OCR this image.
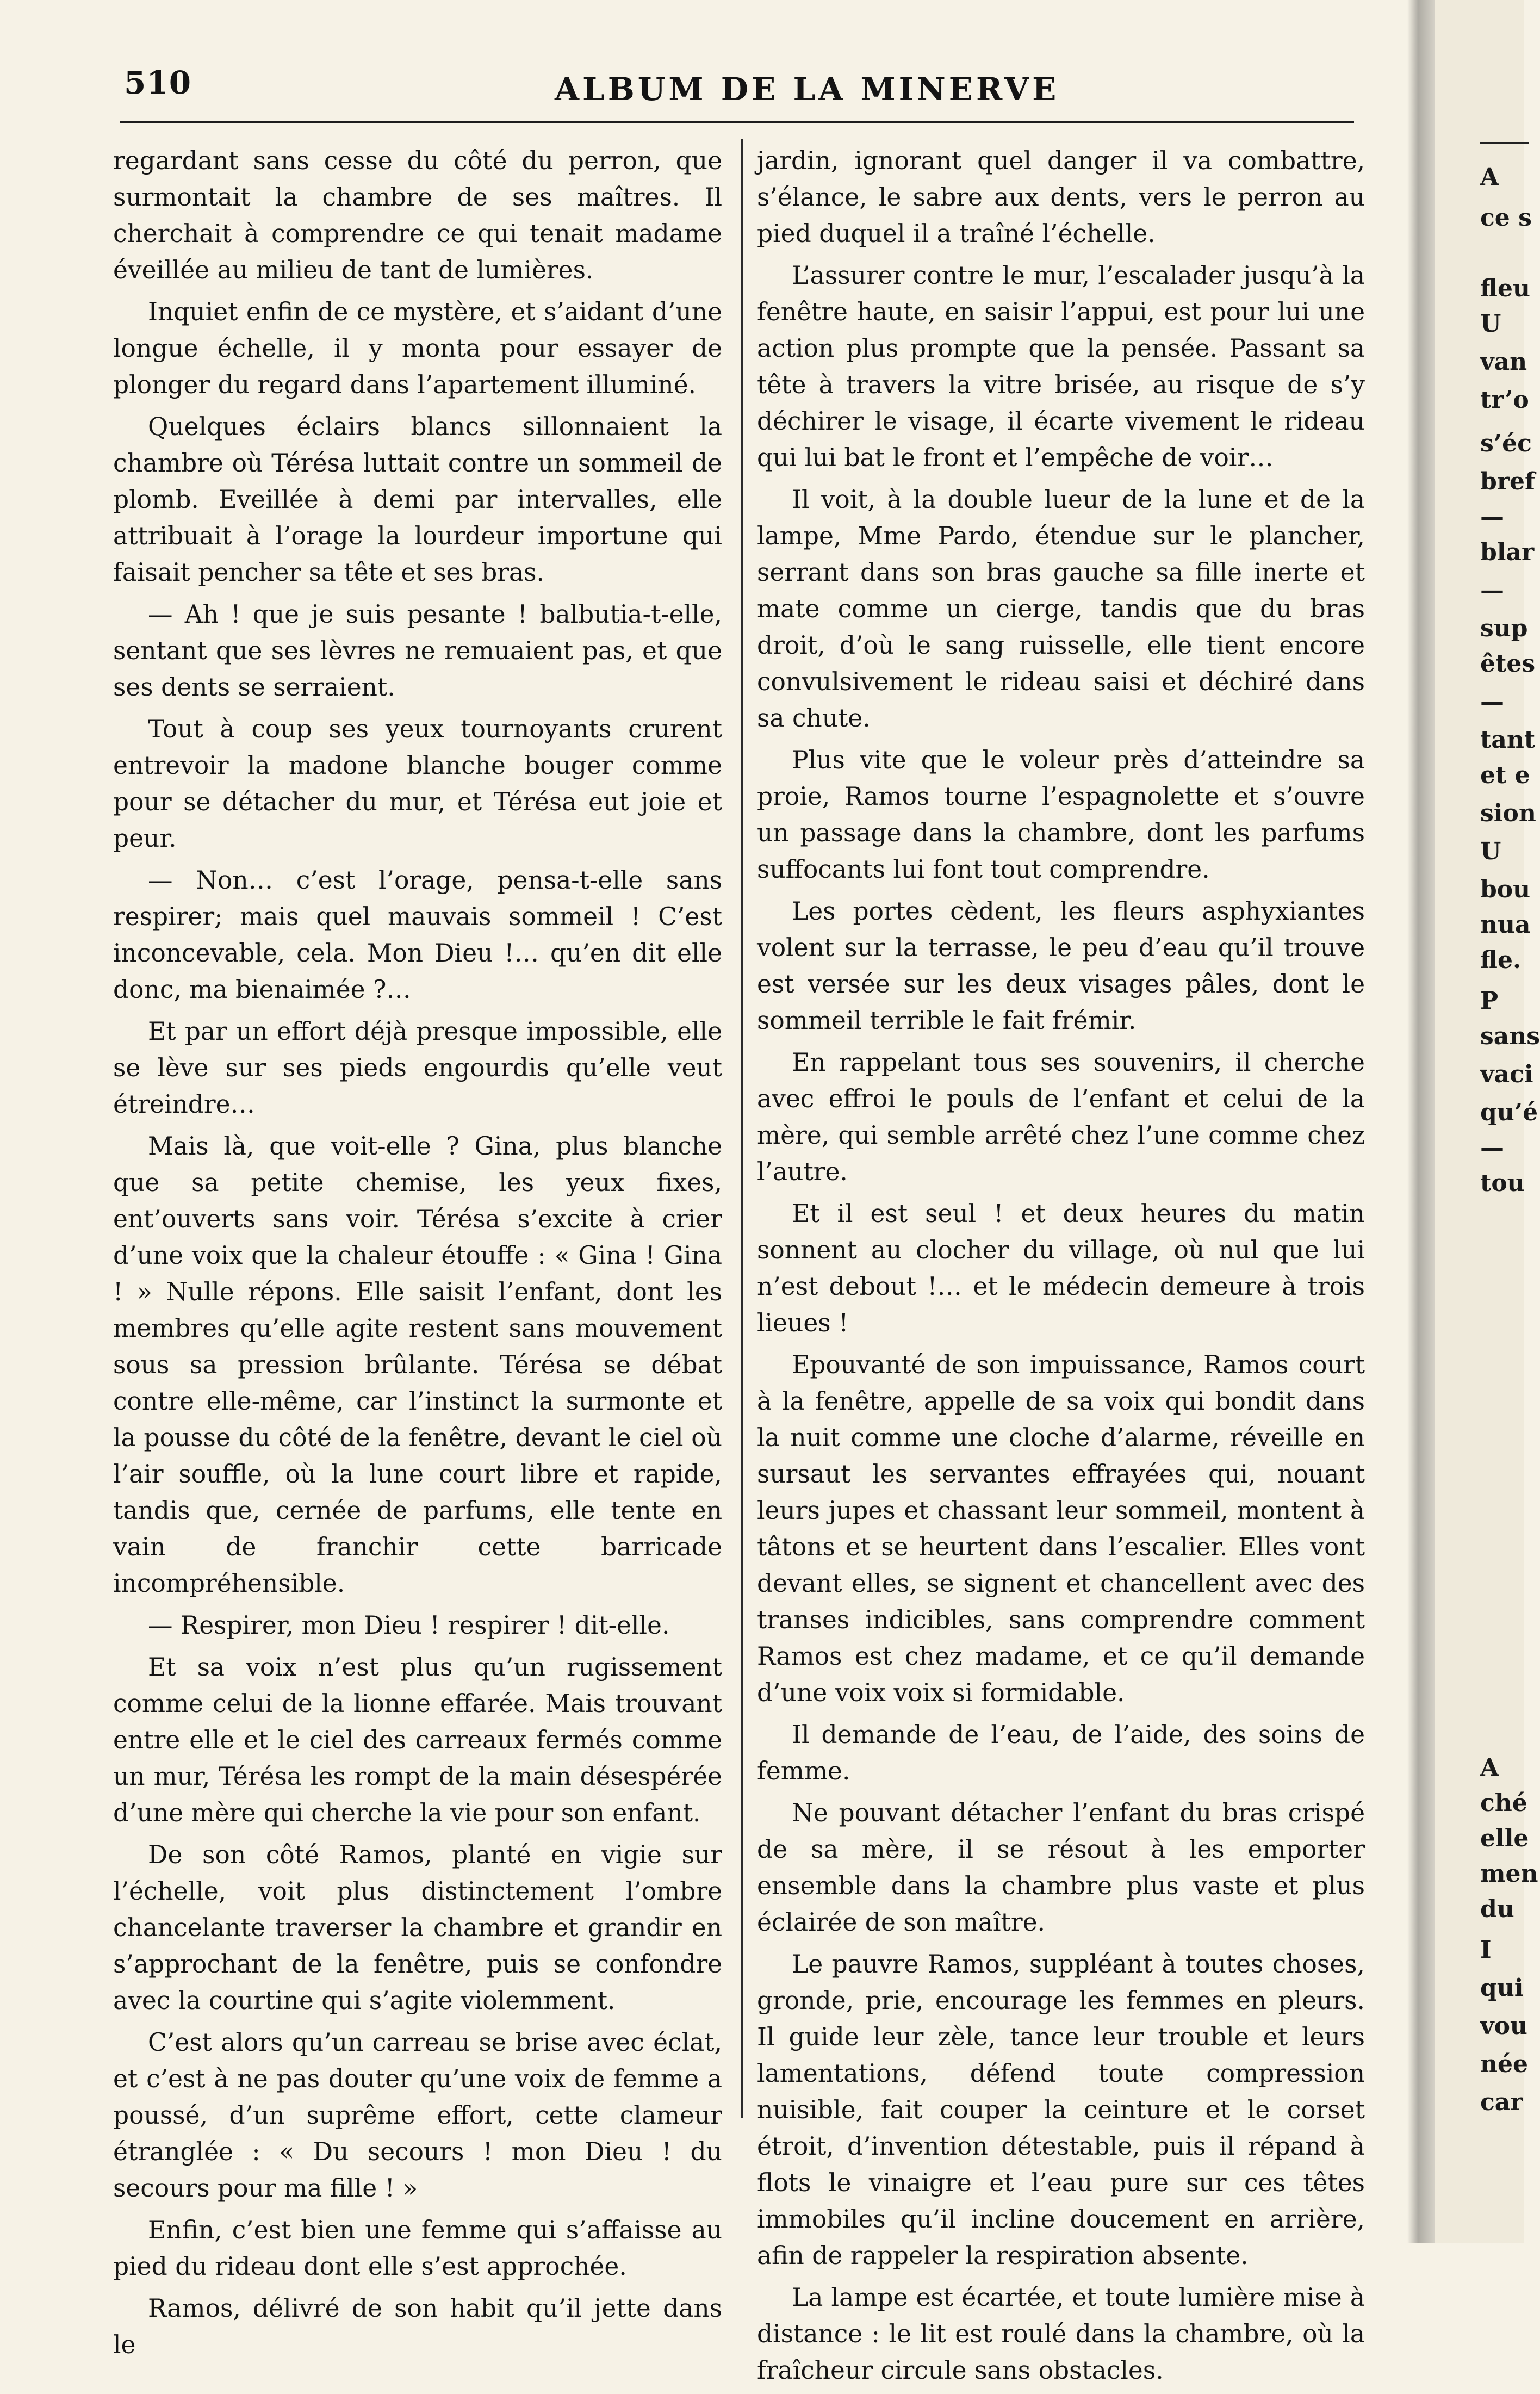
510	ALBUM DE LA MINERVE

regardant sans cesse du côté du perron, que surmontait la chambre de ses maîtres. Il cherchait à comprendre ce qui tenait madame éveillée au milieu de tant de lumières.

Inquiet enfin de ce mystère, et s’aidant d’une longue échelle, il y monta pour essayer de plonger du regard dans l’apartement illuminé.

Quelques éclairs blancs sillonnaient la chambre où Térésa luttait contre un sommeil de plomb. Eveillée à demi par intervalles, elle attribuait à l’orage la lourdeur importune qui faisait pencher sa tête et ses bras.

— Ah ! que je suis pesante ! balbutia-t-elle, sentant que ses lèvres ne remuaient pas, et que ses dents se serraient.

Tout à coup ses yeux tournoyants crurent entrevoir la madone blanche bouger comme pour se détacher du mur, et Térésa eut joie et peur.

— Non… c’est l’orage, pensa-t-elle sans respirer; mais quel mauvais sommeil ! C’est inconcevable, cela. Mon Dieu !… qu’en dit elle donc, ma bienaimée ?…

Et par un effort déjà presque impossible, elle se lève sur ses pieds engourdis qu’elle veut étreindre…

Mais là, que voit-elle ? Gina, plus blanche que sa petite chemise, les yeux fixes, ent’ouverts sans voir. Térésa s’excite à crier d’une voix que la chaleur étouffe : « Gina ! Gina ! » Nulle répons. Elle saisit l’enfant, dont les membres qu’elle agite restent sans mouvement sous sa pression brûlante. Térésa se débat contre elle-même, car l’instinct la surmonte et la pousse du côté de la fenêtre, devant le ciel où l’air souffle, où la lune court libre et rapide, tandis que, cernée de parfums, elle tente en vain de franchir cette barricade incompréhensible.

— Respirer, mon Dieu ! respirer ! dit-elle.

Et sa voix n’est plus qu’un rugissement comme celui de la lionne effarée. Mais trouvant entre elle et le ciel des carreaux fermés comme un mur, Térésa les rompt de la main désespérée d’une mère qui cherche la vie pour son enfant.

De son côté Ramos, planté en vigie sur l’échelle, voit plus distinctement l’ombre chancelante traverser la chambre et grandir en s’approchant de la fenêtre, puis se confondre avec la courtine qui s’agite violemment.

C’est alors qu’un carreau se brise avec éclat, et c’est à ne pas douter qu’une voix de femme a poussé, d’un suprême effort, cette clameur étranglée : « Du secours ! mon Dieu ! du secours pour ma fille ! »

Enfin, c’est bien une femme qui s’affaisse au pied du rideau dont elle s’est approchée.

Ramos, délivré de son habit qu’il jette dans le

jardin, ignorant quel danger il va combattre, s’élance, le sabre aux dents, vers le perron au pied duquel il a traîné l’échelle.

L’assurer contre le mur, l’escalader jusqu’à la fenêtre haute, en saisir l’appui, est pour lui une action plus prompte que la pensée. Passant sa tête à travers la vitre brisée, au risque de s’y déchirer le visage, il écarte vivement le rideau qui lui bat le front et l’empêche de voir…

Il voit, à la double lueur de la lune et de la lampe, Mme Pardo, étendue sur le plancher, serrant dans son bras gauche sa fille inerte et mate comme un cierge, tandis que du bras droit, d’où le sang ruisselle, elle tient encore convulsivement le rideau saisi et déchiré dans sa chute.

Plus vite que le voleur près d’atteindre sa proie, Ramos tourne l’espagnolette et s’ouvre un passage dans la chambre, dont les parfums suffocants lui font tout comprendre.

Les portes cèdent, les fleurs asphyxiantes volent sur la terrasse, le peu d’eau qu’il trouve est versée sur les deux visages pâles, dont le sommeil terrible le fait frémir.

En rappelant tous ses souvenirs, il cherche avec effroi le pouls de l’enfant et celui de la mère, qui semble arrêté chez l’une comme chez l’autre.

Et il est seul ! et deux heures du matin sonnent au clocher du village, où nul que lui n’est debout !… et le médecin demeure à trois lieues !

Epouvanté de son impuissance, Ramos court à la fenêtre, appelle de sa voix qui bondit dans la nuit comme une cloche d’alarme, réveille en sursaut les servantes effrayées qui, nouant leurs jupes et chassant leur sommeil, montent à tâtons et se heurtent dans l’escalier. Elles vont devant elles, se signent et chancellent avec des transes indicibles, sans comprendre comment Ramos est chez madame, et ce qu’il demande d’une voix voix si formidable.

Il demande de l’eau, de l’aide, des soins de femme.

Ne pouvant détacher l’enfant du bras crispé de sa mère, il se résout à les emporter ensemble dans la chambre plus vaste et plus éclairée de son maître.

Le pauvre Ramos, suppléant à toutes choses, gronde, prie, encourage les femmes en pleurs. Il guide leur zèle, tance leur trouble et leurs lamentations, défend toute compression nuisible, fait couper la ceinture et le corset étroit, d’invention détestable, puis il répand à flots le vinaigre et l’eau pure sur ces têtes immobiles qu’il incline doucement en arrière, afin de rappeler la respiration absente.

La lampe est écartée, et toute lumière mise à distance : le lit est roulé dans la chambre, où la fraîcheur circule sans obstacles.

A
ce s
fleu
U
van
tr’o
s’éc
bref
—
blar
—
sup
êtes
—
tant
et e
sion
U
bou
nua
fle.
P
sans
vaci
qu’é
—
tou
A
ché
elle
men
du
I
qui
vou
née
car
